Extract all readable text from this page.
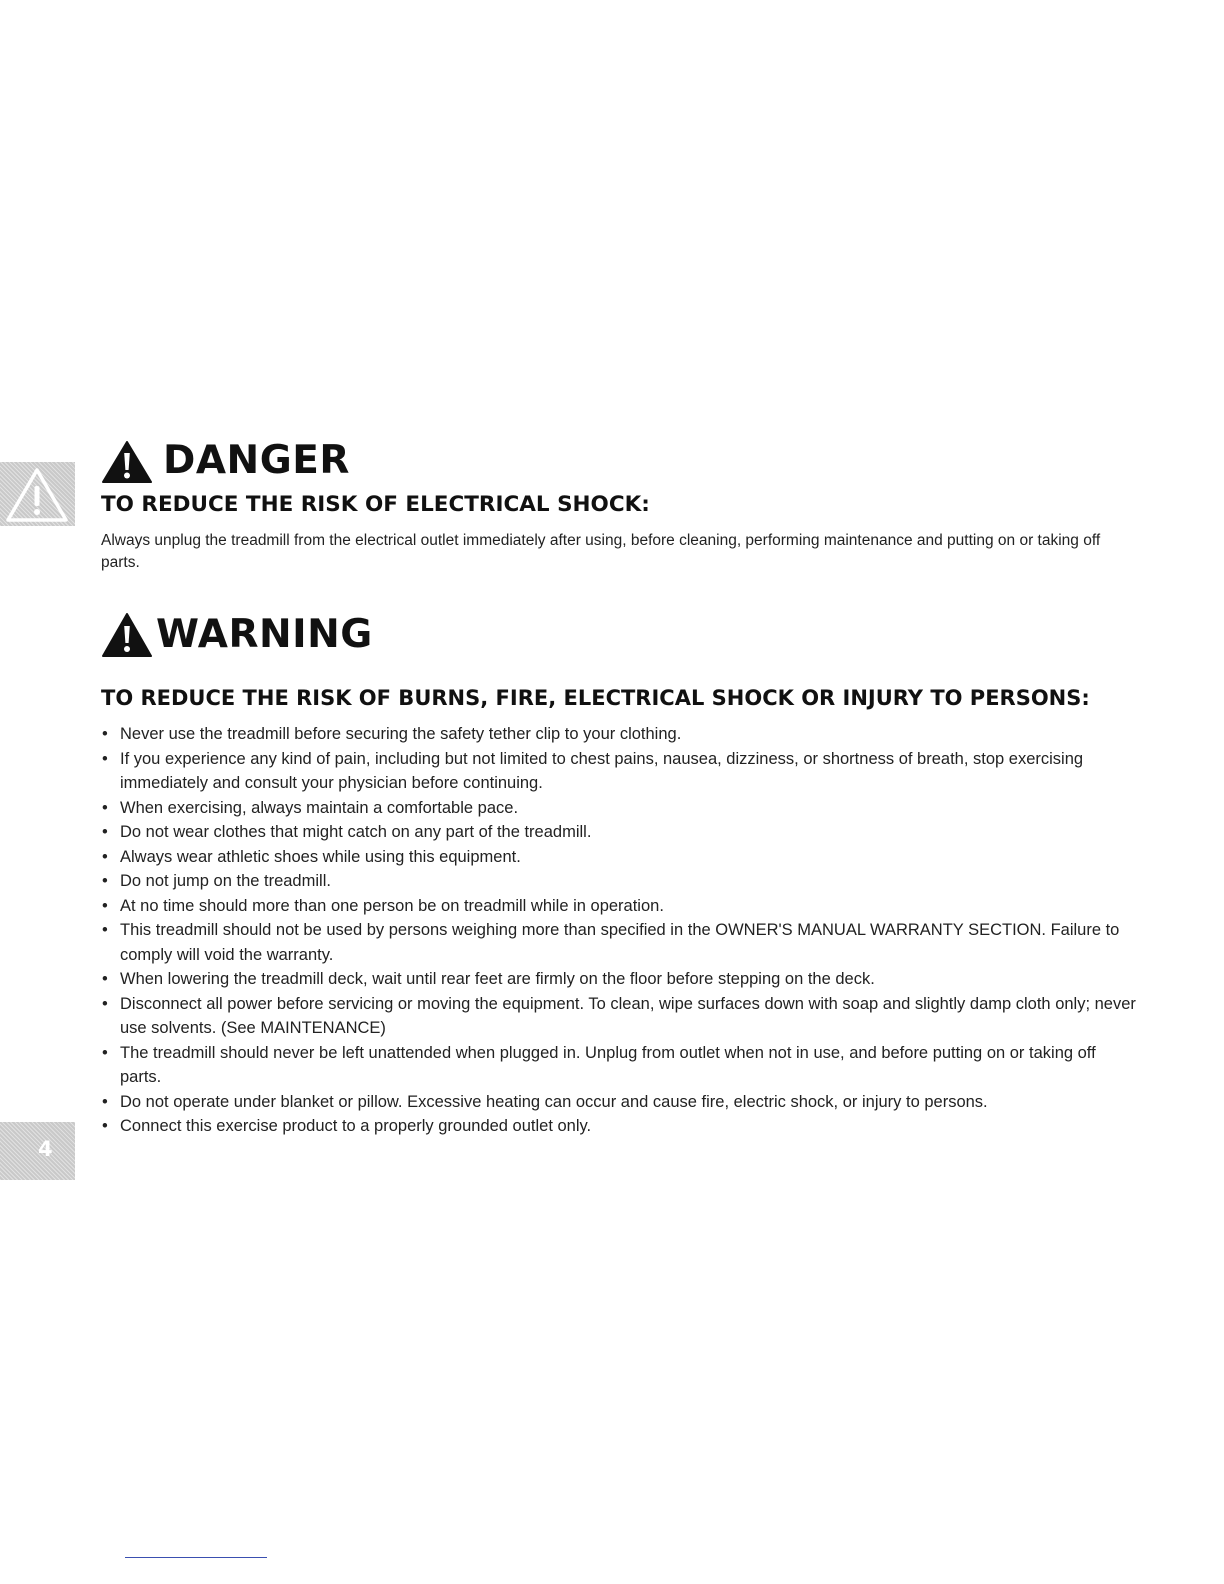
4
DANGER
TO REDUCE THE RISK OF ELECTRICAL SHOCK:
Always unplug the treadmill from the electrical outlet immediately after using, before cleaning, performing maintenance and putting on or taking off parts.
WARNING
TO REDUCE THE RISK OF BURNS, FIRE, ELECTRICAL SHOCK OR INJURY TO PERSONS:
• Never use the treadmill before securing the safety tether clip to your clothing.
• If you experience any kind of pain, including but not limited to chest pains, nausea, dizziness, or shortness of breath, stop exercising immediately and consult your physician before continuing.
• When exercising, always maintain a comfortable pace.
• Do not wear clothes that might catch on any part of the treadmill.
• Always wear athletic shoes while using this equipment.
• Do not jump on the treadmill.
• At no time should more than one person be on treadmill while in operation.
• This treadmill should not be used by persons weighing more than specified in the OWNER'S MANUAL WARRANTY SECTION. Failure to comply will void the warranty.
• When lowering the treadmill deck, wait until rear feet are firmly on the floor before stepping on the deck.
• Disconnect all power before servicing or moving the equipment. To clean, wipe surfaces down with soap and slightly damp cloth only; never use solvents. (See MAINTENANCE)
• The treadmill should never be left unattended when plugged in. Unplug from outlet when not in use, and before putting on or taking off parts.
• Do not operate under blanket or pillow. Excessive heating can occur and cause fire, electric shock, or injury to persons.
• Connect this exercise product to a properly grounded outlet only.
